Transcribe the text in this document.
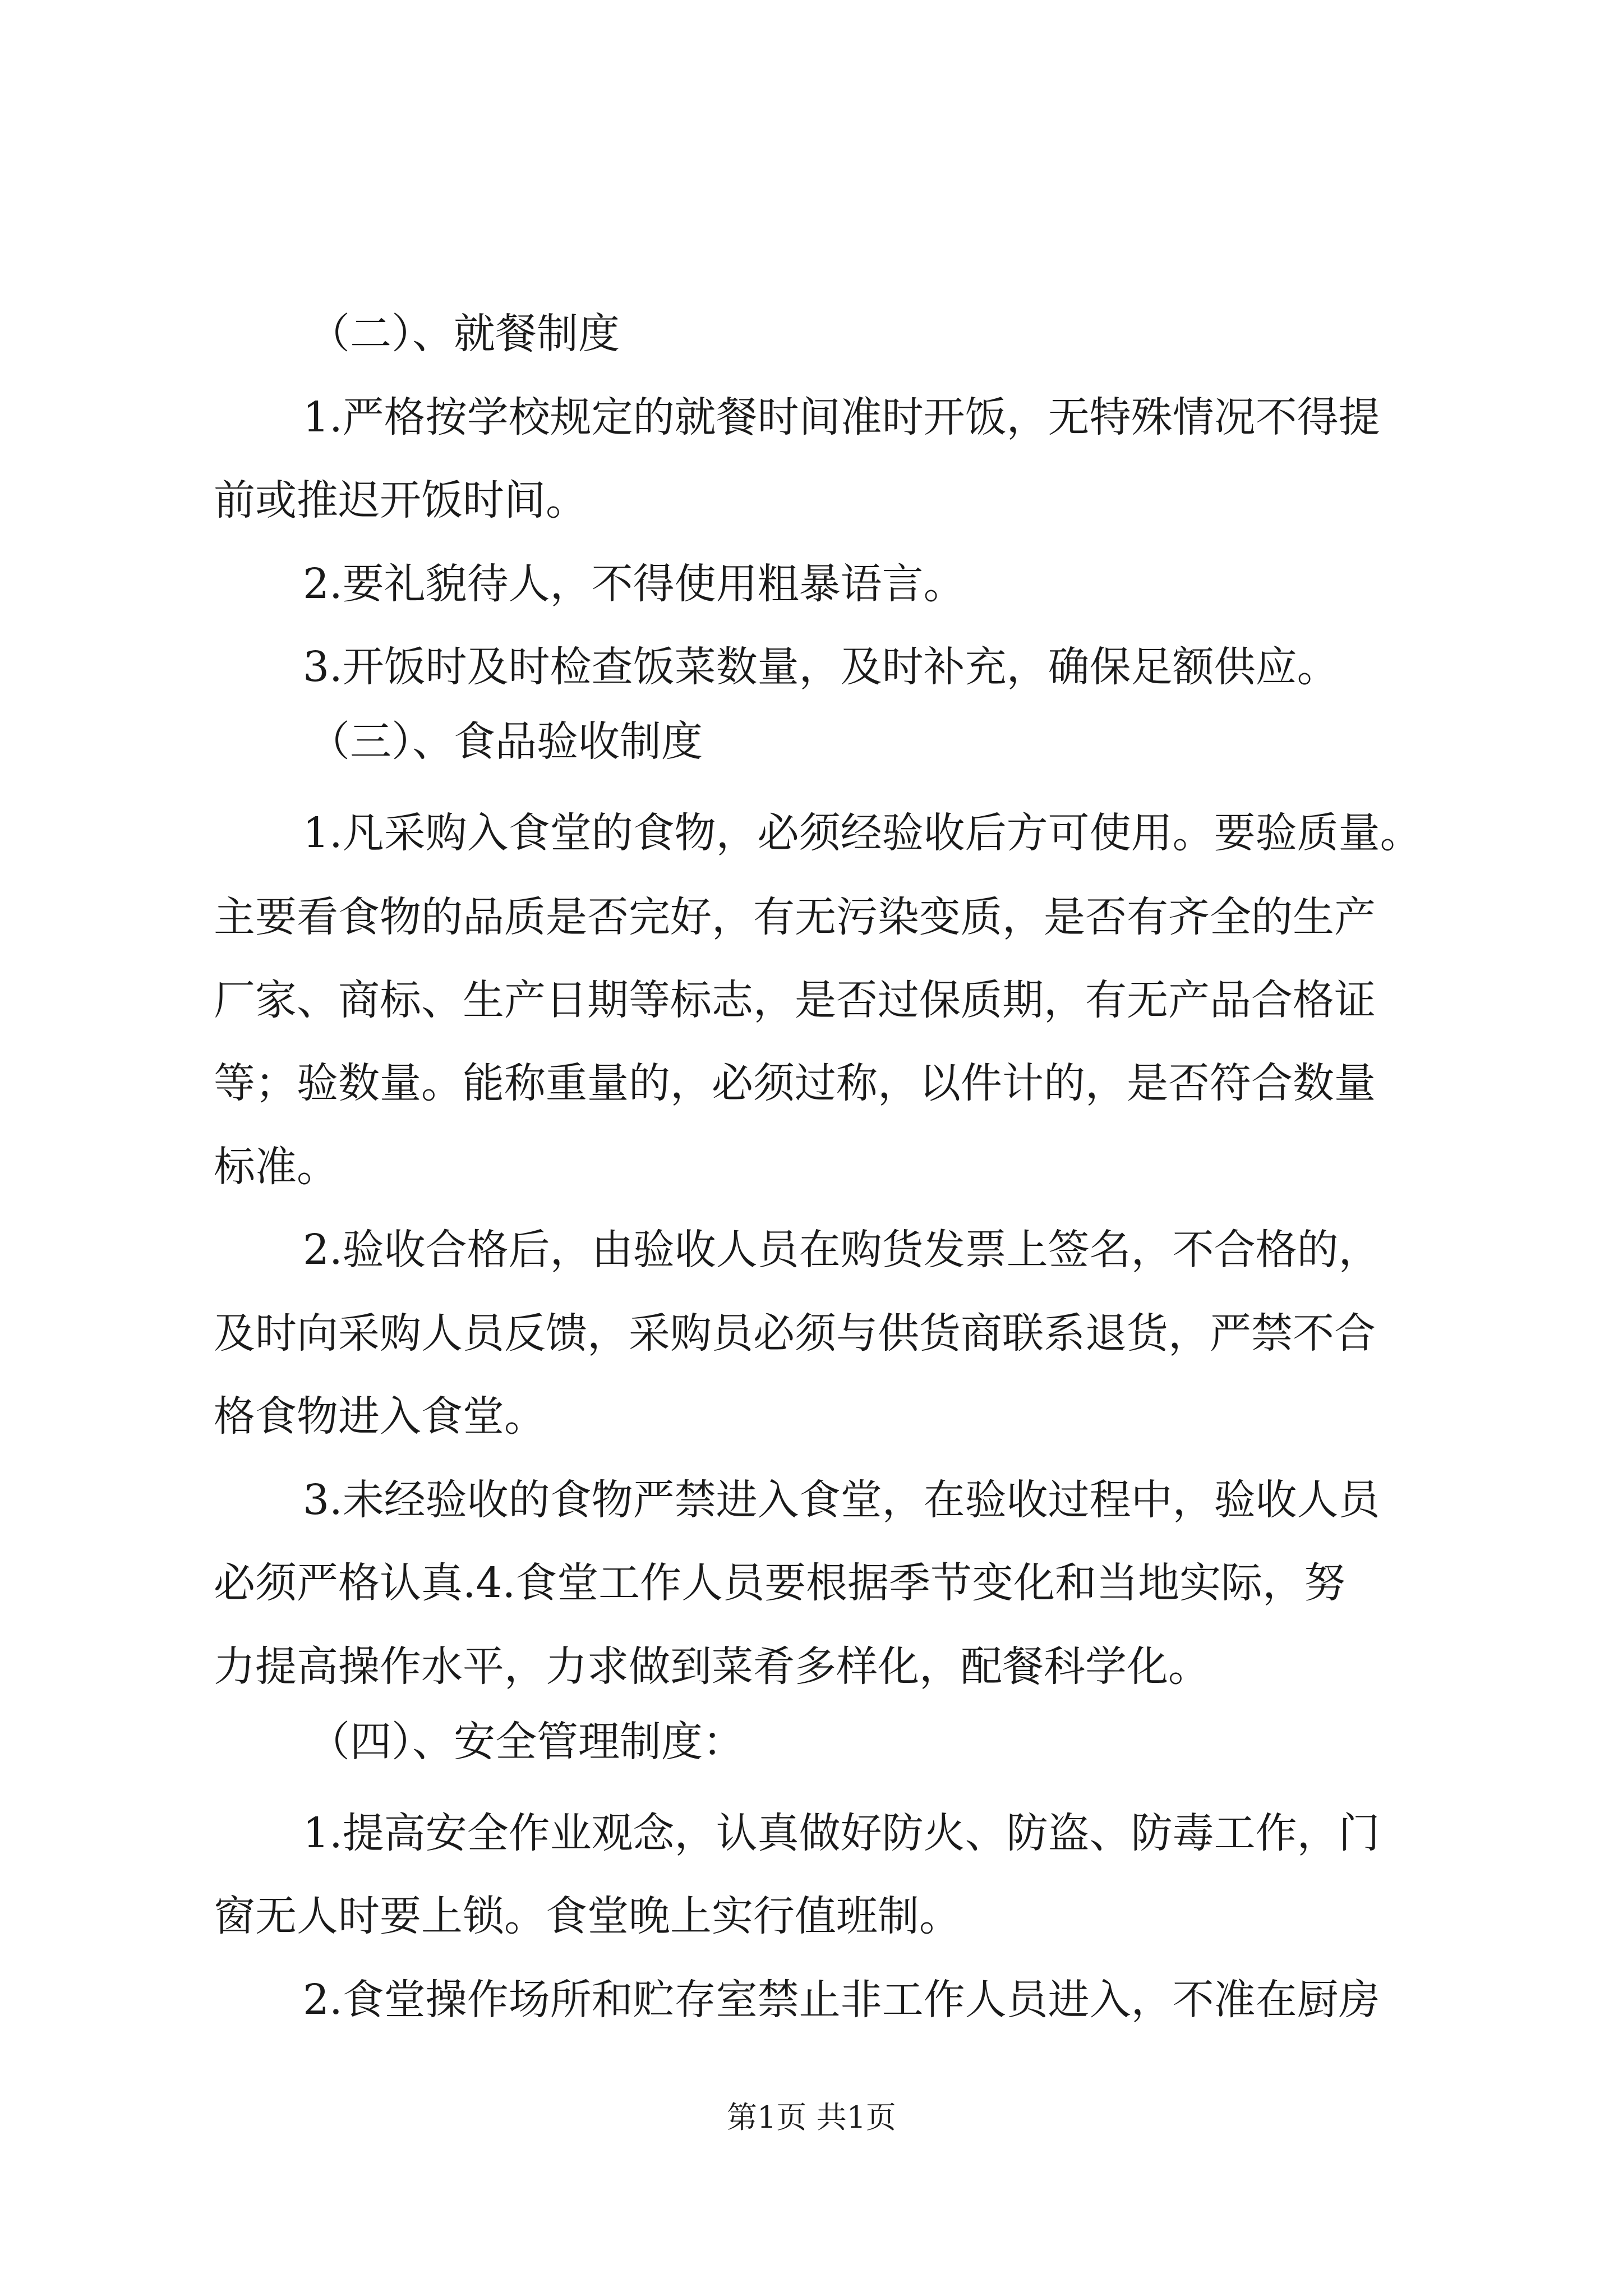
（二）、就餐制度
1.严格按学校规定的就餐时间准时开饭，无特殊情况不得提
前或推迟开饭时间。
2.要礼貌待人，不得使用粗暴语言。
3.开饭时及时检查饭菜数量，及时补充，确保足额供应。
（三）、食品验收制度
1.凡采购入食堂的食物，必须经验收后方可使用。要验质量。
主要看食物的品质是否完好，有无污染变质，是否有齐全的生产
厂家、商标、生产日期等标志，是否过保质期，有无产品合格证
等；验数量。能称重量的，必须过称，以件计的，是否符合数量
标准。
2.验收合格后，由验收人员在购货发票上签名，不合格的，
及时向采购人员反馈，采购员必须与供货商联系退货，严禁不合
格食物进入食堂。
3.未经验收的食物严禁进入食堂，在验收过程中，验收人员
必须严格认真.4.食堂工作人员要根据季节变化和当地实际，努
力提高操作水平，力求做到菜肴多样化，配餐科学化。
（四）、安全管理制度：
1.提高安全作业观念，认真做好防火、防盗、防毒工作，门
窗无人时要上锁。食堂晚上实行值班制。
2.食堂操作场所和贮存室禁止非工作人员进入，不准在厨房
第1页 共1页
